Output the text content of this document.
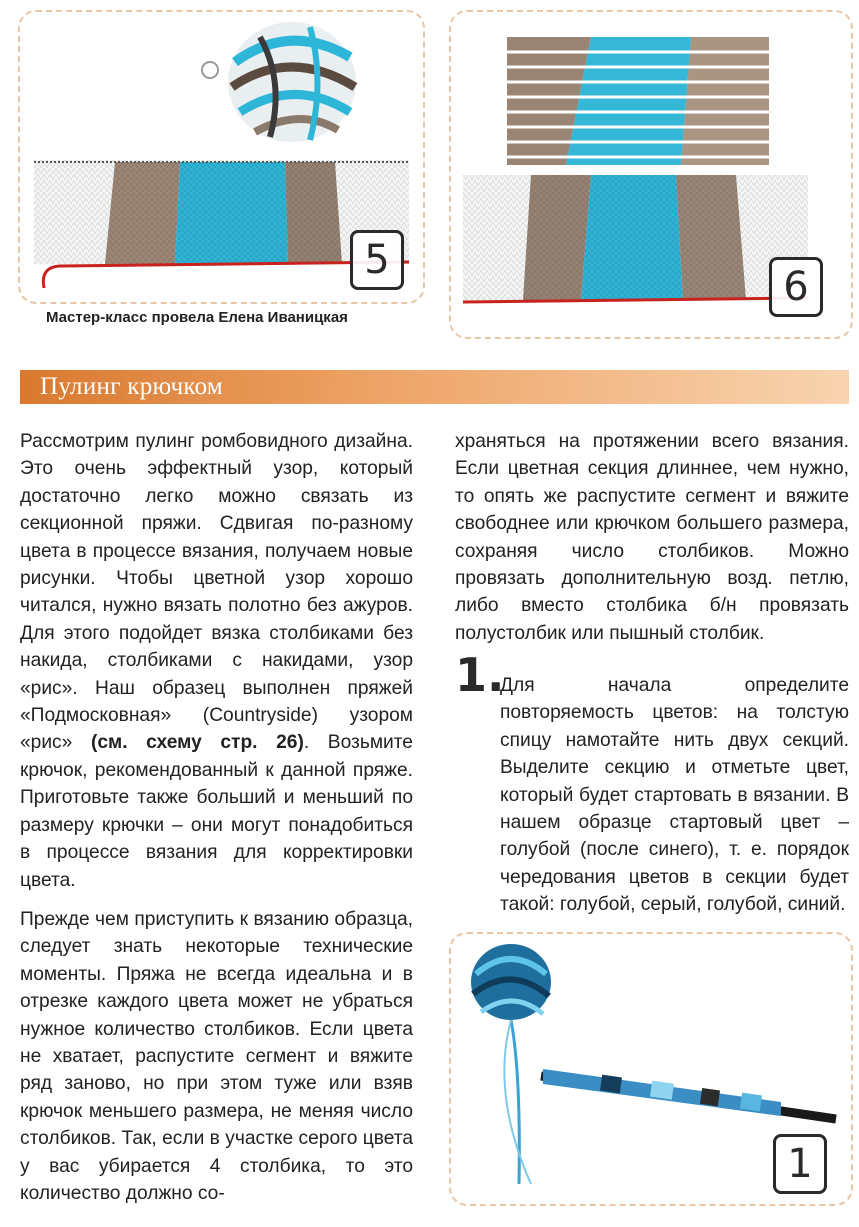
5
Мастер-класс провела Елена Иваницкая
6
Пулинг крючком

Рассмотрим пулинг ромбовидного дизайна. Это очень эффектный узор, который достаточно легко можно связать из секционной пряжи. Сдвигая по-разному цвета в процессе вязания, получаем новые рисунки. Чтобы цветной узор хорошо читался, нужно вязать полотно без ажуров. Для этого подойдет вязка столбиками без накида, столбиками с накидами, узор «рис». Наш образец выполнен пряжей «Подмосковная» (Countryside) узором «рис» (см. схему стр. 26). Возьмите крючок, рекомендованный к данной пряже. Приготовьте также больший и меньший по размеру крючки – они могут понадобиться в процессе вязания для корректировки цвета.

Прежде чем приступить к вязанию образца, следует знать некоторые технические моменты. Пряжа не всегда идеальна и в отрезке каждого цвета может не убраться нужное количество столбиков. Если цвета не хватает, распустите сегмент и вяжите ряд заново, но при этом туже или взяв крючок меньшего размера, не меняя число столбиков. Так, если в участке серого цвета у вас убирается 4 столбика, то это количество должно со-

храняться на протяжении всего вязания. Если цветная секция длиннее, чем нужно, то опять же распустите сегмент и вяжите свободнее или крючком большего размера, сохраняя число столбиков. Можно провязать дополнительную возд. петлю, либо вместо столбика б/н провязать полустолбик или пышный столбик.

1.

Для начала определите повторяемость цветов: на толстую спицу намотайте нить двух секций. Выделите секцию и отметьте цвет, который будет стартовать в вязании. В нашем образце стартовый цвет – голубой (после синего), т. е. порядок чередования цветов в секции будет такой: голубой, серый, голубой, синий.

1
